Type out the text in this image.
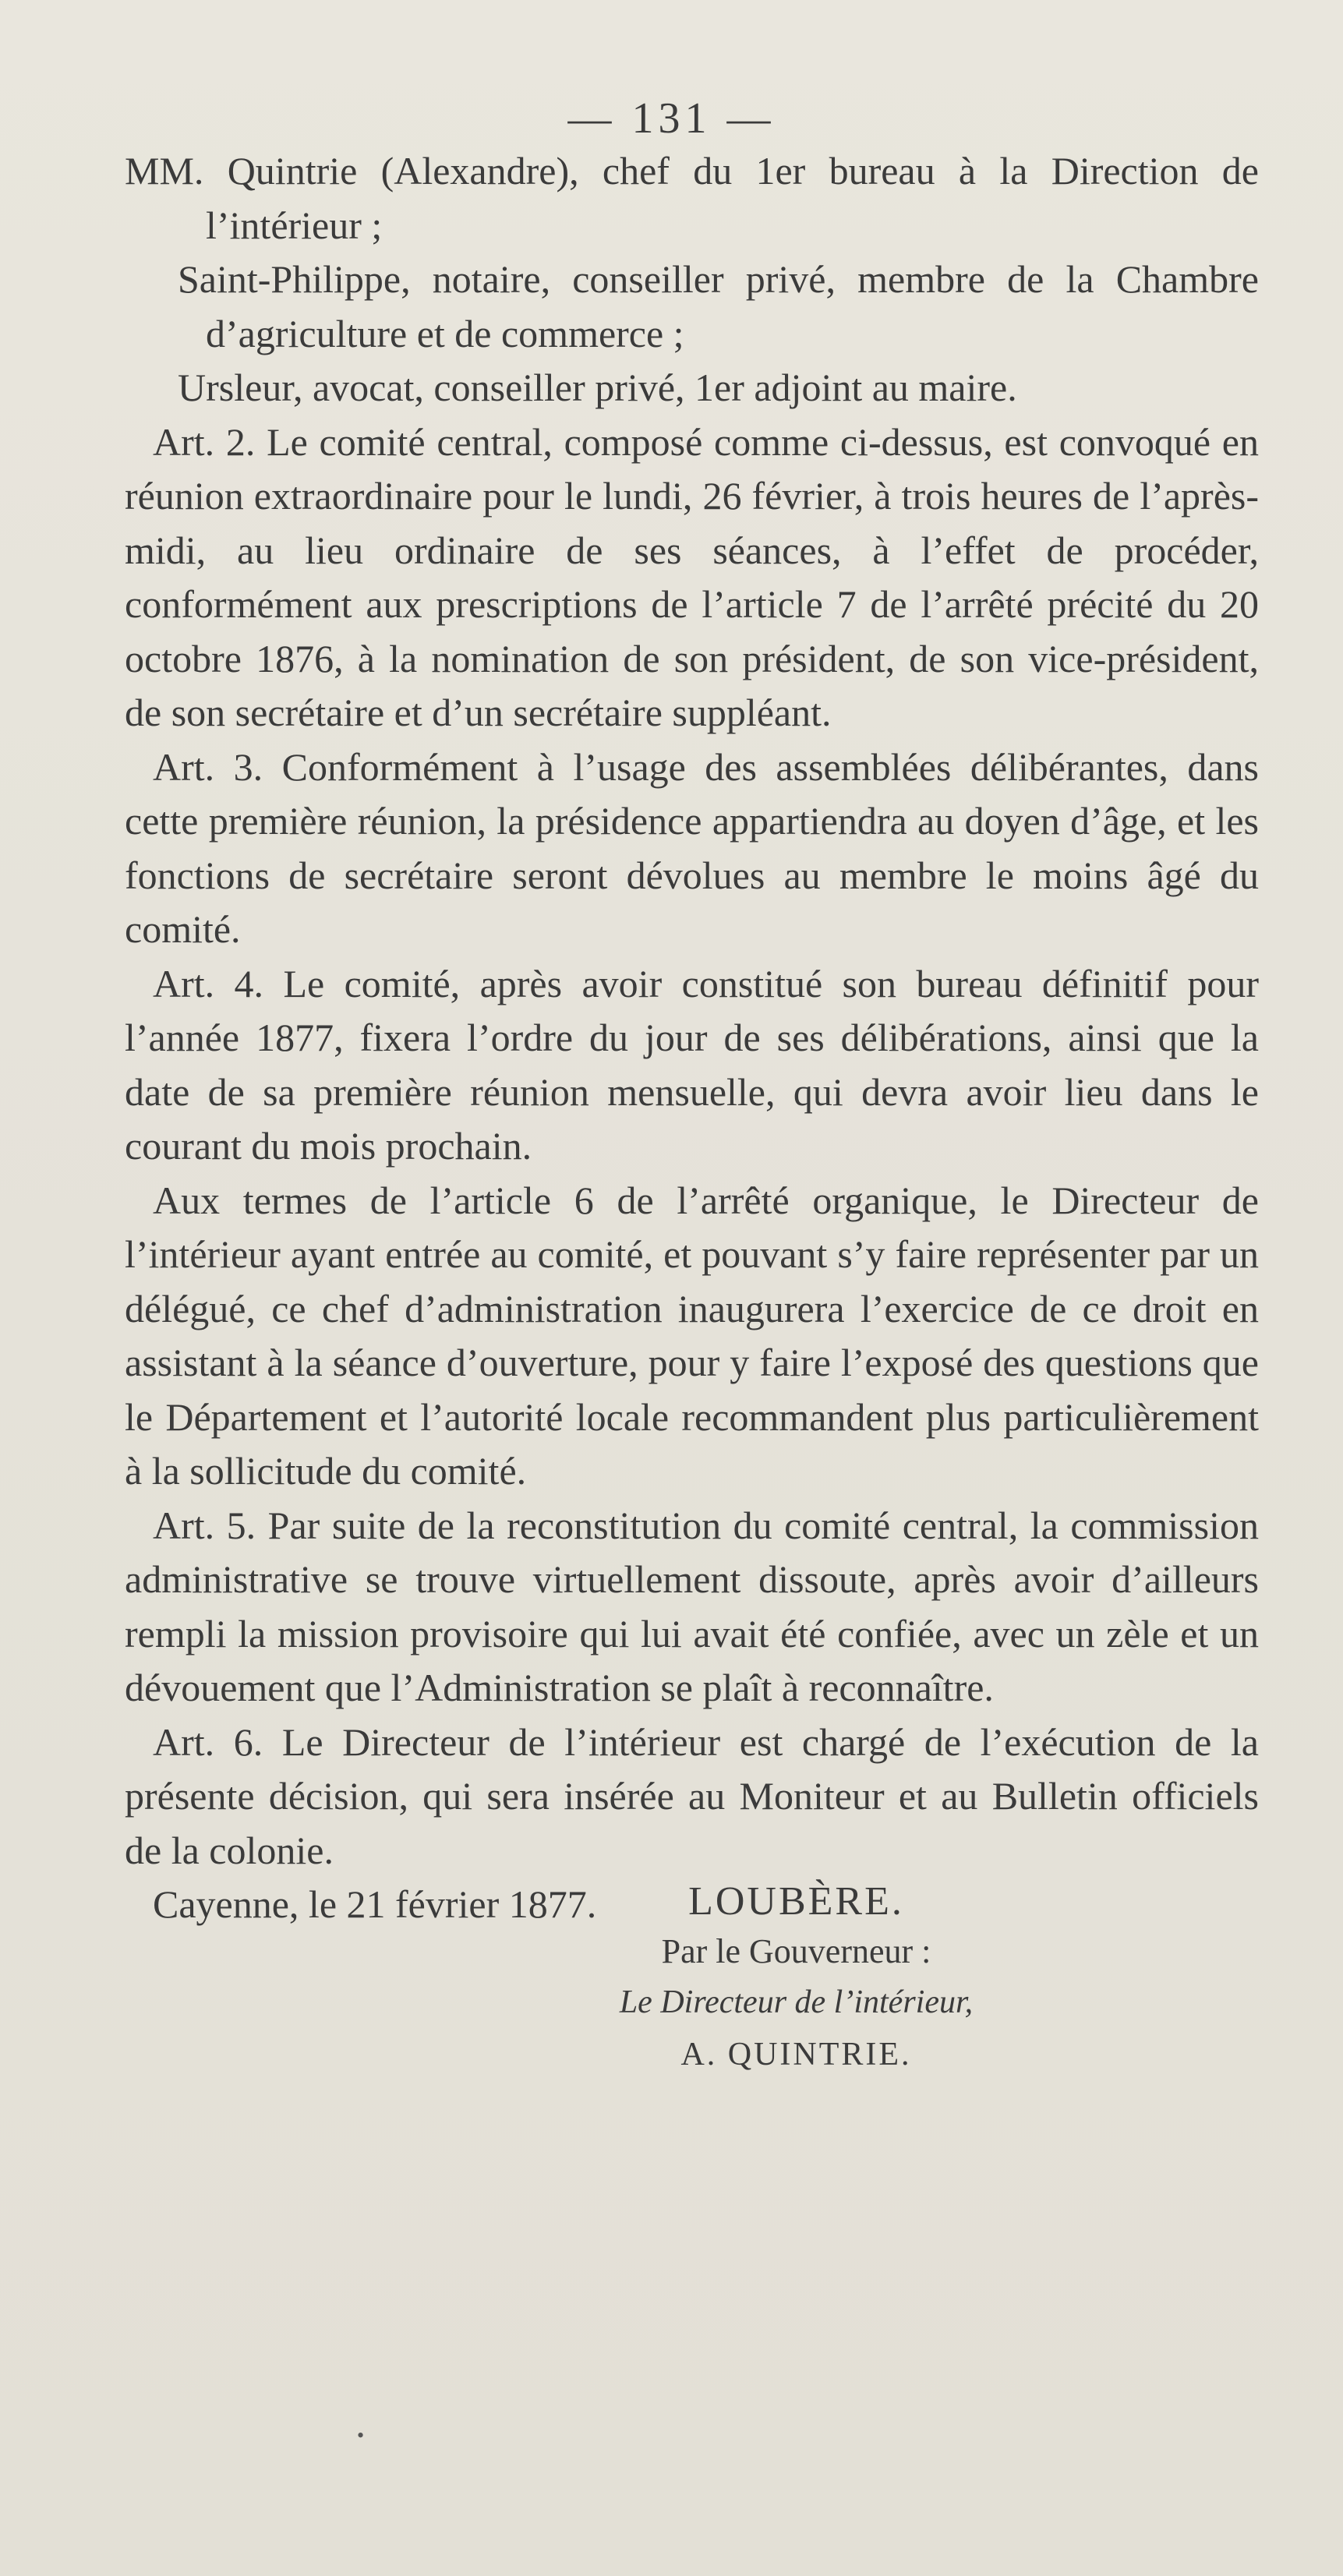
— 131 —

MM. Quintrie (Alexandre), chef du 1er bureau à la Direction de l’intérieur ;

Saint-Philippe, notaire, conseiller privé, membre de la Chambre d’agriculture et de commerce ;

Ursleur, avocat, conseiller privé, 1er adjoint au maire.

Art. 2. Le comité central, composé comme ci-dessus, est convoqué en réunion extraordinaire pour le lundi, 26 février, à trois heures de l’après-midi, au lieu ordinaire de ses séances, à l’effet de procéder, conformément aux prescriptions de l’article 7 de l’arrêté précité du 20 octobre 1876, à la nomination de son président, de son vice-président, de son secrétaire et d’un secrétaire suppléant.

Art. 3. Conformément à l’usage des assemblées délibérantes, dans cette première réunion, la présidence appartiendra au doyen d’âge, et les fonctions de secrétaire seront dévolues au membre le moins âgé du comité.

Art. 4. Le comité, après avoir constitué son bureau définitif pour l’année 1877, fixera l’ordre du jour de ses délibérations, ainsi que la date de sa première réunion mensuelle, qui devra avoir lieu dans le courant du mois prochain.

Aux termes de l’article 6 de l’arrêté organique, le Directeur de l’intérieur ayant entrée au comité, et pouvant s’y faire représenter par un délégué, ce chef d’administration inaugurera l’exercice de ce droit en assistant à la séance d’ouverture, pour y faire l’exposé des questions que le Département et l’autorité locale recommandent plus particulièrement à la sollicitude du comité.

Art. 5. Par suite de la reconstitution du comité central, la commission administrative se trouve virtuellement dissoute, après avoir d’ailleurs rempli la mission provisoire qui lui avait été confiée, avec un zèle et un dévouement que l’Administration se plaît à reconnaître.

Art. 6. Le Directeur de l’intérieur est chargé de l’exécution de la présente décision, qui sera insérée au Moniteur et au Bulletin officiels de la colonie.

Cayenne, le 21 février 1877.	LOUBÈRE.
Par le Gouverneur :
Le Directeur de l’intérieur,
A. QUINTRIE.
•
